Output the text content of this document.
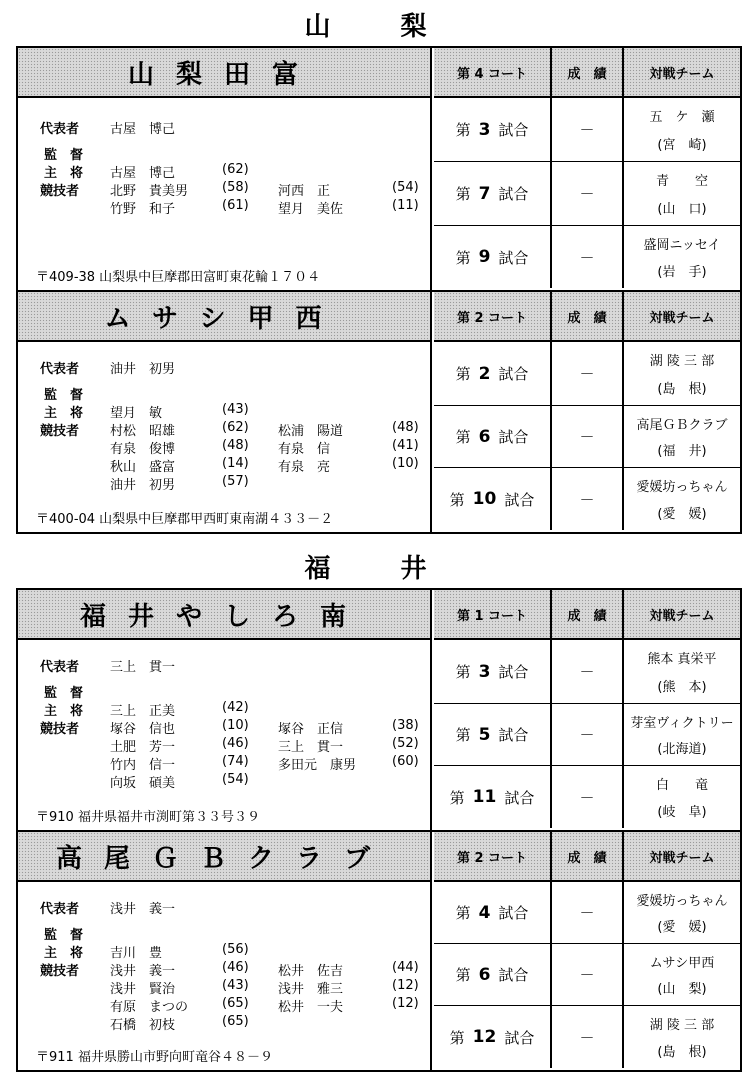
山　梨
山梨田富
代表者 古屋　博己
監　督
主　将 古屋　博己	(62)
競技者 北野　貴美男	(58) 河西　正	(54)
竹野　和子	(61) 望月　美佐	(11)
〒409-38 山梨県中巨摩郡田富町東花輪１７０４
第 4 コート	成　績	対戦チーム
第 3 試合	－
五　ケ　瀬
(宮　崎)
第 7 試合	－
青　　空
(山　口)
第 9 試合	－
盛岡ニッセイ
(岩　手)
ムサシ甲西
代表者 油井　初男
監　督
主　将 望月　敏	(43)
競技者 村松　昭雄	(62) 松浦　陽道	(48)
有泉　俊博	(48) 有泉　信	(41)
秋山　盛富	(14) 有泉　亮	(10)
油井　初男	(57)
〒400-04 山梨県中巨摩郡甲西町東南湖４３３－２
第 2 コート	成　績	対戦チーム
第 2 試合	－
湖 陵 三 部
(島　根)
第 6 試合	－
高尾ＧＢクラブ
(福　井)
第 10 試合	－
愛媛坊っちゃん
(愛　媛)
福　井
福井やしろ南
代表者 三上　貫一
監　督
主　将 三上　正美	(42)
競技者 塚谷　信也	(10) 塚谷　正信	(38)
土肥　芳一	(46) 三上　貫一	(52)
竹内　信一	(74) 多田元　康男	(60)
向坂　碩美	(54)
〒910 福井県福井市渕町第３３号３９
第 1 コート	成　績	対戦チーム
第 3 試合	－
熊本 真栄平
(熊　本)
第 5 試合	－
芽室ヴィクトリー
(北海道)
第 11 試合	－
白　　竜
(岐　阜)
高尾ＧＢクラブ
代表者 浅井　義一
監　督
主　将 吉川　豊	(56)
競技者 浅井　義一	(46) 松井　佐吉	(44)
浅井　賢治	(43) 浅井　雅三	(12)
有原　まつの	(65) 松井　一夫	(12)
石橋　初枝	(65)
〒911 福井県勝山市野向町竜谷４８－９
第 2 コート	成　績	対戦チーム
第 4 試合	－
愛媛坊っちゃん
(愛　媛)
第 6 試合	－
ムサシ甲西
(山　梨)
第 12 試合	－
湖 陵 三 部
(島　根)
